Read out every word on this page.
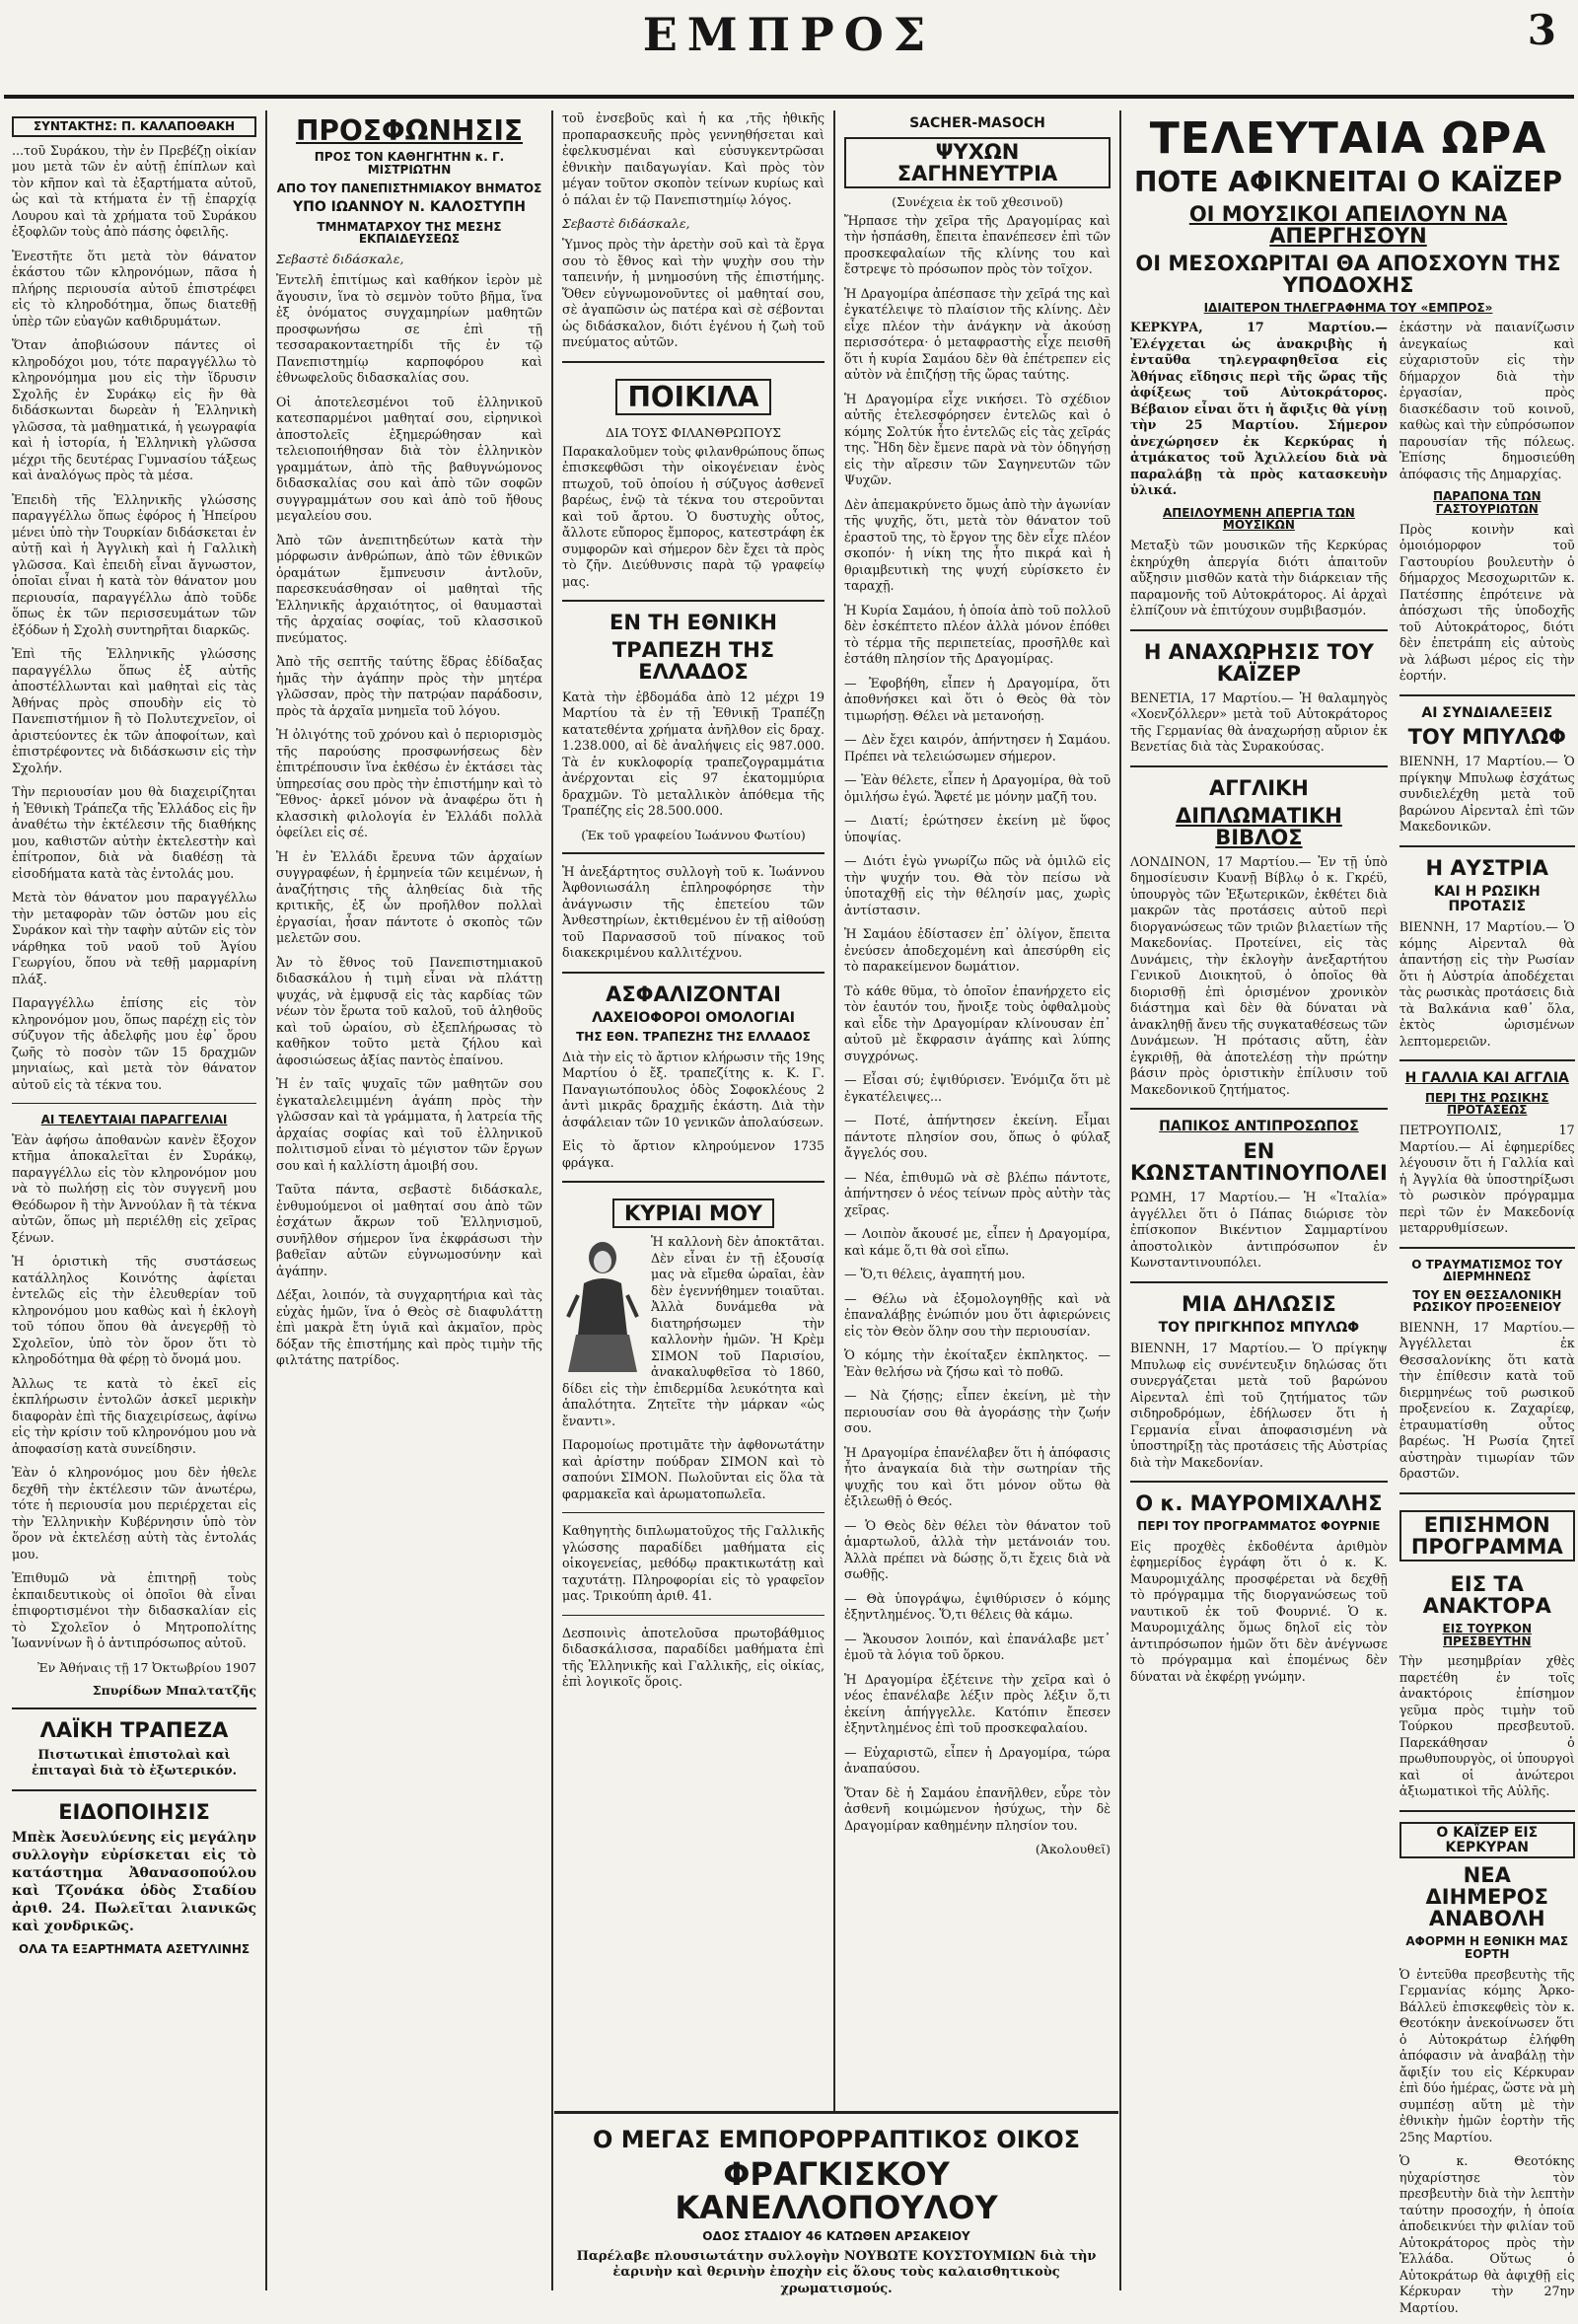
ΕΜΠΡΟΣ	3
ΣΥΝΤΑΚΤΗΣ: Π. ΚΑΛΑΠΟΘΑΚΗ

...τοῦ Συράκου, τὴν ἐν Πρεβέζῃ οἰκίαν μου μετὰ τῶν ἐν αὐτῇ ἐπίπλων καὶ τὸν κῆπον καὶ τὰ ἐξαρτήματα αὐτοῦ, ὡς καὶ τὰ κτήματα ἐν τῇ ἐπαρχίᾳ Λουρου καὶ τὰ χρήματα τοῦ Συράκου ἐξοφλῶν τοὺς ἀπὸ πάσης ὀφειλῆς.

Ἐνεστῆτε ὅτι μετὰ τὸν θάνατον ἑκάστου τῶν κληρονόμων, πᾶσα ἡ πλήρης περιουσία αὐτοῦ ἐπιστρέφει εἰς τὸ κληροδότημα, ὅπως διατεθῇ ὑπὲρ τῶν εὐαγῶν καθιδρυμάτων.

Ὅταν ἀποβιώσουν πάντες οἱ κληροδόχοι μου, τότε παραγγέλλω τὸ κληρονόμημα μου εἰς τὴν ἵδρυσιν Σχολῆς ἐν Συράκῳ εἰς ἣν θὰ διδάσκωνται δωρεὰν ἡ Ἑλληνικὴ γλῶσσα, τὰ μαθηματικά, ἡ γεωγραφία καὶ ἡ ἱστορία, ἡ Ἑλληνικὴ γλῶσσα μέχρι τῆς δευτέρας Γυμνασίου τάξεως καὶ ἀναλόγως πρὸς τὰ μέσα.

Ἐπειδὴ τῆς Ἑλληνικῆς γλώσσης παραγγέλλω ὅπως ἐφόρος ἡ Ἠπείρου μένει ὑπὸ τὴν Τουρκίαν διδάσκεται ἐν αὐτῇ καὶ ἡ Ἀγγλικὴ καὶ ἡ Γαλλικὴ γλῶσσα. Καὶ ἐπειδὴ εἶναι ἄγνωστον, ὁποῖαι εἶναι ἡ κατὰ τὸν θάνατον μου περιουσία, παραγγέλλω ἀπὸ τοῦδε ὅπως ἐκ τῶν περισσευμάτων τῶν ἐξόδων ἡ Σχολὴ συντηρῆται διαρκῶς.

Ἐπὶ τῆς Ἑλληνικῆς γλώσσης παραγγέλλω ὅπως ἐξ αὐτῆς ἀποστέλλωνται καὶ μαθηταὶ εἰς τὰς Ἀθήνας πρὸς σπουδὴν εἰς τὸ Πανεπιστήμιον ἢ τὸ Πολυτεχνεῖον, οἱ ἀριστεύοντες ἐκ τῶν ἀποφοίτων, καὶ ἐπιστρέφοντες νὰ διδάσκωσιν εἰς τὴν Σχολήν.

Τὴν περιουσίαν μου θὰ διαχειρίζηται ἡ Ἐθνικὴ Τράπεζα τῆς Ἑλλάδος εἰς ἣν ἀναθέτω τὴν ἐκτέλεσιν τῆς διαθήκης μου, καθιστῶν αὐτὴν ἐκτελεστὴν καὶ ἐπίτροπον, διὰ νὰ διαθέσῃ τὰ εἰσοδήματα κατὰ τὰς ἐντολάς μου.

Μετὰ τὸν θάνατον μου παραγγέλλω τὴν μεταφορὰν τῶν ὀστῶν μου εἰς Συράκον καὶ τὴν ταφὴν αὐτῶν εἰς τὸν νάρθηκα τοῦ ναοῦ τοῦ Ἁγίου Γεωργίου, ὅπου νὰ τεθῇ μαρμαρίνη πλάξ.

Παραγγέλλω ἐπίσης εἰς τὸν κληρονόμον μου, ὅπως παρέχῃ εἰς τὸν σύζυγον τῆς ἀδελφῆς μου ἐφ᾽ ὅρου ζωῆς τὸ ποσὸν τῶν 15 δραχμῶν μηνιαίως, καὶ μετὰ τὸν θάνατον αὐτοῦ εἰς τὰ τέκνα του.

ΑΙ ΤΕΛΕΥΤΑΙΑΙ ΠΑΡΑΓΓΕΛΙΑΙ

Ἐὰν ἀφήσω ἀποθανὼν κανὲν ἔξοχον κτῆμα ἀποκαλεῖται ἐν Συράκῳ, παραγγέλλω εἰς τὸν κληρονόμον μου νὰ τὸ πωλήσῃ εἰς τὸν συγγενῆ μου Θεόδωρον ἢ τὴν Ἀννούλαν ἢ τὰ τέκνα αὐτῶν, ὅπως μὴ περιέλθῃ εἰς χεῖρας ξένων.

Ἡ ὁριστικὴ τῆς συστάσεως κατάλληλος Κοινότης ἀφίεται ἐντελῶς εἰς τὴν ἐλευθερίαν τοῦ κληρονόμου μου καθὼς καὶ ἡ ἐκλογὴ τοῦ τόπου ὅπου θὰ ἀνεγερθῇ τὸ Σχολεῖον, ὑπὸ τὸν ὅρον ὅτι τὸ κληροδότημα θὰ φέρῃ τὸ ὄνομά μου.

Ἀλλως τε κατὰ τὸ ἐκεῖ εἰς ἐκπλήρωσιν ἐντολῶν ἀσκεῖ μερικὴν διαφορὰν ἐπὶ τῆς διαχειρίσεως, ἀφίνω εἰς τὴν κρίσιν τοῦ κληρονόμου μου νὰ ἀποφασίσῃ κατὰ συνείδησιν.

Ἐὰν ὁ κληρονόμος μου δὲν ἠθελε δεχθῆ τὴν ἐκτέλεσιν τῶν ἀνωτέρω, τότε ἡ περιουσία μου περιέρχεται εἰς τὴν Ἑλληνικὴν Κυβέρνησιν ὑπὸ τὸν ὅρον νὰ ἐκτελέσῃ αὐτὴ τὰς ἐντολάς μου.

Ἐπιθυμῶ νὰ ἐπιτηρῇ τοὺς ἐκπαιδευτικοὺς οἱ ὁποῖοι θὰ εἶναι ἐπιφορτισμένοι τὴν διδασκαλίαν εἰς τὸ Σχολεῖον ὁ Μητροπολίτης Ἰωαννίνων ἢ ὁ ἀντιπρόσωπος αὐτοῦ.

Ἐν Ἀθήναις τῇ 17 Ὀκτωβρίου 1907
Σπυρίδων Μπαλτατζῆς
ΛΑΪΚΗ ΤΡΑΠΕΖΑ

Πιστωτικαὶ ἐπιστολαὶ καὶ ἐπιταγαὶ διὰ τὸ ἐξωτερικόν.

ΕΙΔΟΠΟΙΗΣΙΣ

Μπὲκ Ἀσευλύενης εἰς μεγάλην συλλογὴν εὐρίσκεται εἰς τὸ κατάστημα Ἀθανασοπούλου καὶ Τζονάκα ὁδὸς Σταδίου ἀριθ. 24. Πωλεῖται λιανικῶς καὶ χονδρικῶς.

ΟΛΑ ΤΑ ΕΞΑΡΤΗΜΑΤΑ ΑΣΕΤΥΛΙΝΗΣ
ΠΡΟΣΦΩΝΗΣΙΣ
ΠΡΟΣ ΤΟΝ ΚΑΘΗΓΗΤΗΝ κ. Γ. ΜΙΣΤΡΙΩΤΗΝ
ΑΠΟ ΤΟΥ ΠΑΝΕΠΙΣΤΗΜΙΑΚΟΥ ΒΗΜΑΤΟΣ
ΥΠΟ ΙΩΑΝΝΟΥ Ν. ΚΑΛΟΣΤΥΠΗ
ΤΜΗΜΑΤΑΡΧΟΥ ΤΗΣ ΜΕΣΗΣ ΕΚΠΑΙΔΕΥΣΕΩΣ
Σεβαστὲ διδάσκαλε,

Ἐντελῆ ἐπιτίμως καὶ καθήκον ἱερὸν μὲ ἄγουσιν, ἵνα τὸ σεμνὸν τοῦτο βῆμα, ἵνα ἐξ ὀνόματος συγχαμηρίων μαθητῶν προσφωνήσω σε ἐπὶ τῇ τεσσαρακονταετηρίδι τῆς ἐν τῷ Πανεπιστημίῳ καρποφόρου καὶ ἐθνωφελοῦς διδασκαλίας σου.

Οἱ ἀποτελεσμένοι τοῦ ἑλληνικοῦ κατεσπαρμένοι μαθηταί σου, εἰρηνικοὶ ἀποστολεῖς ἐξημερώθησαν καὶ τελειοποιήθησαν διὰ τὸν ἑλληνικὸν γραμμάτων, ἀπὸ τῆς βαθυγνώμονος διδασκαλίας σου καὶ ἀπὸ τῶν σοφῶν συγγραμμάτων σου καὶ ἀπὸ τοῦ ἤθους μεγαλείου σου.

Ἀπὸ τῶν ἀνεπιτηδεύτων κατὰ τὴν μόρφωσιν ἀνθρώπων, ἀπὸ τῶν ἐθνικῶν ὀραμάτων ἔμπνευσιν ἀντλοῦν, παρεσκευάσθησαν οἱ μαθηταὶ τῆς Ἑλληνικῆς ἀρχαιότητος, οἱ θαυμασταὶ τῆς ἀρχαίας σοφίας, τοῦ κλασσικοῦ πνεύματος.

Ἀπὸ τῆς σεπτῆς ταύτης ἕδρας ἐδίδαξας ἡμᾶς τὴν ἀγάπην πρὸς τὴν μητέρα γλῶσσαν, πρὸς τὴν πατρῴαν παράδοσιν, πρὸς τὰ ἀρχαῖα μνημεῖα τοῦ λόγου.

Ἡ ὀλιγότης τοῦ χρόνου καὶ ὁ περιορισμὸς τῆς παρούσης προσφωνήσεως δὲν ἐπιτρέπουσιν ἵνα ἐκθέσω ἐν ἐκτάσει τὰς ὑπηρεσίας σου πρὸς τὴν ἐπιστήμην καὶ τὸ Ἔθνος· ἀρκεῖ μόνον νὰ ἀναφέρω ὅτι ἡ κλασσικὴ φιλολογία ἐν Ἑλλάδι πολλὰ ὀφείλει εἰς σέ.

Ἡ ἐν Ἑλλάδι ἔρευνα τῶν ἀρχαίων συγγραφέων, ἡ ἑρμηνεία τῶν κειμένων, ἡ ἀναζήτησις τῆς ἀληθείας διὰ τῆς κριτικῆς, ἐξ ὧν προῆλθον πολλαὶ ἐργασίαι, ἦσαν πάντοτε ὁ σκοπὸς τῶν μελετῶν σου.

Ἀν τὸ ἔθνος τοῦ Πανεπιστημιακοῦ διδασκάλου ἡ τιμὴ εἶναι νὰ πλάττῃ ψυχάς, νὰ ἐμφυσᾷ εἰς τὰς καρδίας τῶν νέων τὸν ἔρωτα τοῦ καλοῦ, τοῦ ἀληθοῦς καὶ τοῦ ὡραίου, σὺ ἐξεπλήρωσας τὸ καθῆκον τοῦτο μετὰ ζήλου καὶ ἀφοσιώσεως ἀξίας παντὸς ἐπαίνου.

Ἡ ἐν ταῖς ψυχαῖς τῶν μαθητῶν σου ἐγκαταλελειμμένη ἀγάπη πρὸς τὴν γλῶσσαν καὶ τὰ γράμματα, ἡ λατρεία τῆς ἀρχαίας σοφίας καὶ τοῦ ἑλληνικοῦ πολιτισμοῦ εἶναι τὸ μέγιστον τῶν ἔργων σου καὶ ἡ καλλίστη ἀμοιβή σου.

Ταῦτα πάντα, σεβαστὲ διδάσκαλε, ἐνθυμούμενοι οἱ μαθηταί σου ἀπὸ τῶν ἐσχάτων ἄκρων τοῦ Ἑλληνισμοῦ, συνῆλθον σήμερον ἵνα ἐκφράσωσι τὴν βαθεῖαν αὐτῶν εὐγνωμοσύνην καὶ ἀγάπην.

Δέξαι, λοιπόν, τὰ συγχαρητήρια καὶ τὰς εὐχὰς ἡμῶν, ἵνα ὁ Θεὸς σὲ διαφυλάττῃ ἐπὶ μακρὰ ἔτη ὑγιᾶ καὶ ἀκμαῖον, πρὸς δόξαν τῆς ἐπιστήμης καὶ πρὸς τιμὴν τῆς φιλτάτης πατρίδος.

τοῦ ἐνσεβοῦς καὶ ἡ κα ,τῆς ἠθικῆς προπαρασκευῆς πρὸς γεννηθήσεται καὶ ἐφελκυσμέναι καὶ εὐσυγκεντρῶσαι ἐθνικὴν παιδαγωγίαν. Καὶ πρὸς τὸν μέγαν τοῦτον σκοπὸν τείνων κυρίως καὶ ὁ πάλαι ἐν τῷ Πανεπιστημίῳ λόγος.

Σεβαστὲ διδάσκαλε,

Ὑμνος πρὸς τὴν ἀρετὴν σοῦ καὶ τὰ ἔργα σου τὸ ἔθνος καὶ τὴν ψυχὴν σου τὴν ταπεινήν, ἡ μνημοσύνη τῆς ἐπιστήμης. Ὅθεν εὐγνωμονοῦντες οἱ μαθηταί σου, σὲ ἀγαπῶσιν ὡς πατέρα καὶ σὲ σέβονται ὡς διδάσκαλον, διότι ἐγένου ἡ ζωὴ τοῦ πνεύματος αὐτῶν.

ΠΟΙΚΙΛΑ
ΔΙΑ ΤΟΥΣ ΦΙΛΑΝΘΡΩΠΟΥΣ

Παρακαλοῦμεν τοὺς φιλανθρώπους ὅπως ἐπισκεφθῶσι τὴν οἰκογένειαν ἑνὸς πτωχοῦ, τοῦ ὁποίου ἡ σύζυγος ἀσθενεῖ βαρέως, ἐνῷ τὰ τέκνα του στεροῦνται καὶ τοῦ ἄρτου. Ὁ δυστυχὴς οὗτος, ἄλλοτε εὔπορος ἔμπορος, κατεστράφη ἐκ συμφορῶν καὶ σήμερον δὲν ἔχει τὰ πρὸς τὸ ζῆν. Διεύθυνσις παρὰ τῷ γραφείῳ μας.

ΕΝ ΤΗ ΕΘΝΙΚΗ
ΤΡΑΠΕΖΗ ΤΗΣ ΕΛΛΑΔΟΣ

Κατὰ τὴν ἑβδομάδα ἀπὸ 12 μέχρι 19 Μαρτίου τὰ ἐν τῇ Ἐθνικῇ Τραπέζῃ κατατεθέντα χρήματα ἀνῆλθον εἰς δραχ. 1.238.000, αἱ δὲ ἀναλήψεις εἰς 987.000. Τὰ ἐν κυκλοφορίᾳ τραπεζογραμμάτια ἀνέρχονται εἰς 97 ἑκατομμύρια δραχμῶν. Τὸ μεταλλικὸν ἀπόθεμα τῆς Τραπέζης εἰς 28.500.000.

(Ἐκ τοῦ γραφείου Ἰωάννου Φωτίου)

Ἡ ἀνεξάρτητος συλλογὴ τοῦ κ. Ἰωάννου Ἀφθονιωσάλη ἐπληροφόρησε τὴν ἀνάγνωσιν τῆς ἐπετείου τῶν Ἀνθεστηρίων, ἐκτιθεμένου ἐν τῇ αἰθούσῃ τοῦ Παρνασσοῦ τοῦ πίνακος τοῦ διακεκριμένου καλλιτέχνου.

ΑΣΦΑΛΙΖΟΝΤΑΙ
ΛΑΧΕΙΟΦΟΡΟΙ ΟΜΟΛΟΓΙΑΙ
ΤΗΣ ΕΘΝ. ΤΡΑΠΕΖΗΣ ΤΗΣ ΕΛΛΑΔΟΣ

Διὰ τὴν εἰς τὸ ἄρτιον κλήρωσιν τῆς 19ης Μαρτίου ὁ ἔξ. τραπεζίτης κ. Κ. Γ. Παναγιωτόπουλος ὁδὸς Σοφοκλέους 2 ἀντὶ μικρᾶς δραχμῆς ἑκάστη. Διὰ τὴν ἀσφάλειαν τῶν 10 γενικῶν ἀπολαύσεων.

Εἰς τὸ ἄρτιον κληρούμενον 1735 φράγκα.

ΚΥΡΙΑΙ ΜΟΥ

Ἡ καλλονὴ δὲν ἀποκτᾶται. Δὲν εἶναι ἐν τῇ ἐξουσίᾳ μας νὰ εἴμεθα ὡραῖαι, ἐὰν δὲν ἐγεννήθημεν τοιαῦται. Ἀλλὰ δυνάμεθα νὰ διατηρήσωμεν τὴν καλλονὴν ἡμῶν. Ἡ Κρὲμ ΣΙΜΟΝ τοῦ Παρισίου, ἀνακαλυφθεῖσα τὸ 1860, δίδει εἰς τὴν ἐπιδερμίδα λευκότητα καὶ ἁπαλότητα. Ζητεῖτε τὴν μάρκαν «ὡς ἔναντι».

Παρομοίως προτιμᾶτε τὴν ἀφθονωτάτην καὶ ἀρίστην πούδραν ΣΙΜΟΝ καὶ τὸ σαπούνι ΣΙΜΟΝ. Πωλοῦνται εἰς ὅλα τὰ φαρμακεῖα καὶ ἀρωματοπωλεῖα.

Καθηγητὴς διπλωματοῦχος τῆς Γαλλικῆς γλώσσης παραδίδει μαθήματα εἰς οἰκογενείας, μεθόδῳ πρακτικωτάτῃ καὶ ταχυτάτῃ. Πληροφορίαι εἰς τὸ γραφεῖον μας. Τρικούπη ἀριθ. 41.

Δεσποινὶς ἀποτελοῦσα πρωτοβάθμιος διδασκάλισσα, παραδίδει μαθήματα ἐπὶ τῆς Ἑλληνικῆς καὶ Γαλλικῆς, εἰς οἰκίας, ἐπὶ λογικοῖς ὅροις.

SACHER-MASOCH
ΨΥΧΩΝ ΣΑΓΗΝΕΥΤΡΙΑ
(Συνέχεια ἐκ τοῦ χθεσινοῦ)

Ἤρπασε τὴν χεῖρα τῆς Δραγομίρας καὶ τὴν ἠσπάσθη, ἔπειτα ἐπανέπεσεν ἐπὶ τῶν προσκεφαλαίων τῆς κλίνης του καὶ ἔστρεψε τὸ πρόσωπον πρὸς τὸν τοῖχον.

Ἡ Δραγομίρα ἀπέσπασε τὴν χεῖρά της καὶ ἐγκατέλειψε τὸ πλαίσιον τῆς κλίνης. Δὲν εἶχε πλέον τὴν ἀνάγκην νὰ ἀκούσῃ περισσότερα· ὁ μεταφραστὴς εἶχε πεισθῆ ὅτι ἡ κυρία Σαμάου δὲν θὰ ἐπέτρεπεν εἰς αὐτὸν νὰ ἐπιζήσῃ τῆς ὥρας ταύτης.

Ἡ Δραγομίρα εἶχε νικήσει. Τὸ σχέδιον αὐτῆς ἐτελεσφόρησεν ἐντελῶς καὶ ὁ κόμης Σολτύκ ἦτο ἐντελῶς εἰς τὰς χεῖράς της. Ἤδη δὲν ἔμενε παρὰ νὰ τὸν ὁδηγήσῃ εἰς τὴν αἴρεσιν τῶν Σαγηνευτῶν τῶν Ψυχῶν.

Δὲν ἀπεμακρύνετο ὅμως ἀπὸ τὴν ἀγωνίαν τῆς ψυχῆς, ὅτι, μετὰ τὸν θάνατον τοῦ ἐραστοῦ της, τὸ ἔργον της δὲν εἶχε πλέον σκοπόν· ἡ νίκη της ἦτο πικρά καὶ ἡ θριαμβευτικὴ της ψυχή εὑρίσκετο ἐν ταραχῇ.

Ἡ Κυρία Σαμάου, ἡ ὁποία ἀπὸ τοῦ πολλοῦ δὲν ἐσκέπτετο πλέον ἀλλὰ μόνον ἐπόθει τὸ τέρμα τῆς περιπετείας, προσῆλθε καὶ ἐστάθη πλησίον τῆς Δραγομίρας.

— Ἐφοβήθη, εἶπεν ἡ Δραγομίρα, ὅτι ἀποθνήσκει καὶ ὅτι ὁ Θεὸς θὰ τὸν τιμωρήσῃ. Θέλει νὰ μετανοήσῃ.

— Δὲν ἔχει καιρόν, ἀπήντησεν ἡ Σαμάου. Πρέπει νὰ τελειώσωμεν σήμερον.

— Ἐὰν θέλετε, εἶπεν ἡ Δραγομίρα, θὰ τοῦ ὁμιλήσω ἐγώ. Ἄφετέ με μόνην μαζῆ του.

— Διατί; ἐρώτησεν ἐκείνη μὲ ὕφος ὑποψίας.

— Διότι ἐγὼ γνωρίζω πῶς νὰ ὁμιλῶ εἰς τὴν ψυχήν του. Θὰ τὸν πείσω νὰ ὑποταχθῇ εἰς τὴν θέλησίν μας, χωρὶς ἀντίστασιν.

Ἡ Σαμάου ἐδίστασεν ἐπ᾽ ὀλίγον, ἔπειτα ἐνεύσεν ἀποδεχομένη καὶ ἀπεσύρθη εἰς τὸ παρακείμενον δωμάτιον.

Τὸ κάθε θῦμα, τὸ ὁποῖον ἐπανήρχετο εἰς τὸν ἑαυτόν του, ἤνοιξε τοὺς ὀφθαλμοὺς καὶ εἶδε τὴν Δραγομίραν κλίνουσαν ἐπ᾽ αὐτοῦ μὲ ἔκφρασιν ἀγάπης καὶ λύπης συγχρόνως.

— Εἶσαι σύ; ἐψιθύρισεν. Ἐνόμιζα ὅτι μὲ ἐγκατέλειψες...

— Ποτέ, ἀπήντησεν ἐκείνη. Εἶμαι πάντοτε πλησίον σου, ὅπως ὁ φύλαξ ἄγγελός σου.

— Νέα, ἐπιθυμῶ νὰ σὲ βλέπω πάντοτε, ἀπήντησεν ὁ νέος τείνων πρὸς αὐτὴν τὰς χεῖρας.

— Λοιπὸν ἄκουσέ με, εἶπεν ἡ Δραγομίρα, καὶ κάμε ὅ,τι θὰ σοὶ εἴπω.

— Ὅ,τι θέλεις, ἀγαπητή μου.

— Θέλω νὰ ἐξομολογηθῇς καὶ νὰ ἐπαναλάβῃς ἐνώπιόν μου ὅτι ἀφιερώνεις εἰς τὸν Θεὸν ὅλην σου τὴν περιουσίαν.

Ὁ κόμης τὴν ἐκοίταξεν ἐκπληκτος. — Ἐὰν θελήσω νὰ ζήσω καὶ τὸ ποθῶ.

— Νὰ ζήσῃς; εἶπεν ἐκείνη, μὲ τὴν περιουσίαν σου θὰ ἀγοράσῃς τὴν ζωήν σου.

Ἡ Δραγομίρα ἐπανέλαβεν ὅτι ἡ ἀπόφασις ἦτο ἀναγκαία διὰ τὴν σωτηρίαν τῆς ψυχῆς του καὶ ὅτι μόνον οὕτω θὰ ἐξιλεωθῇ ὁ Θεός.

— Ὁ Θεὸς δὲν θέλει τὸν θάνατον τοῦ ἁμαρτωλοῦ, ἀλλὰ τὴν μετάνοιάν του. Ἀλλὰ πρέπει νὰ δώσῃς ὅ,τι ἔχεις διὰ νὰ σωθῇς.

— Θὰ ὑπογράψω, ἐψιθύρισεν ὁ κόμης ἐξηντλημένος. Ὅ,τι θέλεις θὰ κάμω.

— Ἄκουσον λοιπόν, καὶ ἐπανάλαβε μετ᾽ ἐμοῦ τὰ λόγια τοῦ ὅρκου.

Ἡ Δραγομίρα ἐξέτεινε τὴν χεῖρα καὶ ὁ νέος ἐπανέλαβε λέξιν πρὸς λέξιν ὅ,τι ἐκείνη ἀπήγγελλε. Κατόπιν ἔπεσεν ἐξηντλημένος ἐπὶ τοῦ προσκεφαλαίου.

— Εὐχαριστῶ, εἶπεν ἡ Δραγομίρα, τώρα ἀναπαύσου.

Ὅταν δὲ ἡ Σαμάου ἐπανῆλθεν, εὗρε τὸν ἀσθενῆ κοιμώμενον ἡσύχως, τὴν δὲ Δραγομίραν καθημένην πλησίον του.

(Ἀκολουθεῖ)
ΤΕΛΕΥΤΑΙΑ ΩΡΑ
ΠΟΤΕ ΑΦΙΚΝΕΙΤΑΙ Ο ΚΑΪΖΕΡ
ΟΙ ΜΟΥΣΙΚΟΙ ΑΠΕΙΛΟΥΝ ΝΑ ΑΠΕΡΓΗΣΟΥΝ
ΟΙ ΜΕΣΟΧΩΡΙΤΑΙ ΘΑ ΑΠΟΣΧΟΥΝ ΤΗΣ ΥΠΟΔΟΧΗΣ
ΙΔΙΑΙΤΕΡΟΝ ΤΗΛΕΓΡΑΦΗΜΑ ΤΟΥ «ΕΜΠΡΟΣ»

ΚΕΡΚΥΡΑ, 17 Μαρτίου.— Ἐλέγχεται ὡς ἀνακριβὴς ἡ ἐνταῦθα τηλεγραφηθεῖσα εἰς Ἀθήνας εἴδησις περὶ τῆς ὥρας τῆς ἀφίξεως τοῦ Αὐτοκράτορος. Βέβαιον εἶναι ὅτι ἡ ἄφιξις θὰ γίνῃ τὴν 25 Μαρτίου. Σήμερον ἀνεχώρησεν ἐκ Κερκύρας ἡ ἀτμάκατος τοῦ Ἀχιλλείου διὰ νὰ παραλάβῃ τὰ πρὸς κατασκευὴν ὑλικά.

ΑΠΕΙΛΟΥΜΕΝΗ ΑΠΕΡΓΙΑ ΤΩΝ ΜΟΥΣΙΚΩΝ

Μεταξὺ τῶν μουσικῶν τῆς Κερκύρας ἐκηρύχθη ἀπεργία διότι ἀπαιτοῦν αὔξησιν μισθῶν κατὰ τὴν διάρκειαν τῆς παραμονῆς τοῦ Αὐτοκράτορος. Αἱ ἀρχαὶ ἐλπίζουν νὰ ἐπιτύχουν συμβιβασμόν.

Η ΑΝΑΧΩΡΗΣΙΣ ΤΟΥ ΚΑΪΖΕΡ

ΒΕΝΕΤΙΑ, 17 Μαρτίου.— Ἡ θαλαμηγὸς «Χοενζόλλερν» μετὰ τοῦ Αὐτοκράτορος τῆς Γερμανίας θὰ ἀναχωρήσῃ αὔριον ἐκ Βενετίας διὰ τὰς Συρακούσας.

ΑΓΓΛΙΚΗ
ΔΙΠΛΩΜΑΤΙΚΗ ΒΙΒΛΟΣ

ΛΟΝΔΙΝΟΝ, 17 Μαρτίου.— Ἐν τῇ ὑπὸ δημοσίευσιν Κυανῇ Βίβλῳ ὁ κ. Γκρέϋ, ὑπουργὸς τῶν Ἐξωτερικῶν, ἐκθέτει διὰ μακρῶν τὰς προτάσεις αὐτοῦ περὶ διοργανώσεως τῶν τριῶν βιλαετίων τῆς Μακεδονίας. Προτείνει, εἰς τὰς Δυνάμεις, τὴν ἐκλογὴν ἀνεξαρτήτου Γενικοῦ Διοικητοῦ, ὁ ὁποῖος θὰ διορισθῇ ἐπὶ ὁρισμένον χρονικὸν διάστημα καὶ δὲν θὰ δύναται νὰ ἀνακληθῇ ἄνευ τῆς συγκαταθέσεως τῶν Δυνάμεων. Ἡ πρότασις αὕτη, ἐὰν ἐγκριθῇ, θὰ ἀποτελέσῃ τὴν πρώτην βάσιν πρὸς ὁριστικὴν ἐπίλυσιν τοῦ Μακεδονικοῦ ζητήματος.

ΠΑΠΙΚΟΣ ΑΝΤΙΠΡΟΣΩΠΟΣ
ΕΝ ΚΩΝΣΤΑΝΤΙΝΟΥΠΟΛΕΙ

ΡΩΜΗ, 17 Μαρτίου.— Ἡ «Ἰταλία» ἀγγέλλει ὅτι ὁ Πάπας διώρισε τὸν ἐπίσκοπον Βικέντιον Σαμμαρτίνου ἀποστολικὸν ἀντιπρόσωπον ἐν Κωνσταντινουπόλει.

ΜΙΑ ΔΗΛΩΣΙΣ
ΤΟΥ ΠΡΙΓΚΗΠΟΣ ΜΠΥΛΩΦ

ΒΙΕΝΝΗ, 17 Μαρτίου.— Ὁ πρίγκηψ Μπυλωφ εἰς συνέντευξιν δηλώσας ὅτι συνεργάζεται μετὰ τοῦ βαρώνου Αἰρενταλ ἐπὶ τοῦ ζητήματος τῶν σιδηροδρόμων, ἐδήλωσεν ὅτι ἡ Γερμανία εἶναι ἀποφασισμένη νὰ ὑποστηρίξῃ τὰς προτάσεις τῆς Αὐστρίας διὰ τὴν Μακεδονίαν.

Ο κ. ΜΑΥΡΟΜΙΧΑΛΗΣ
ΠΕΡΙ ΤΟΥ ΠΡΟΓΡΑΜΜΑΤΟΣ ΦΟΥΡΝΙΕ

Εἰς προχθὲς ἐκδοθέντα ἀριθμὸν ἐφημερίδος ἐγράφη ὅτι ὁ κ. Κ. Μαυρομιχάλης προσφέρεται νὰ δεχθῇ τὸ πρόγραμμα τῆς διοργανώσεως τοῦ ναυτικοῦ ἐκ τοῦ Φουρνιέ. Ὁ κ. Μαυρομιχάλης ὅμως δηλοῖ εἰς τὸν ἀντιπρόσωπον ἡμῶν ὅτι δὲν ἀνέγνωσε τὸ πρόγραμμα καὶ ἑπομένως δὲν δύναται νὰ ἐκφέρῃ γνώμην.

ἑκάστην νὰ παιανίζωσιν ἀνεγκαίως καὶ εὐχαριστοῦν εἰς τὴν δήμαρχον διὰ τὴν ἐργασίαν, πρὸς διασκέδασιν τοῦ κοινοῦ, καθὼς καὶ τὴν εὐπρόσωπον παρουσίαν τῆς πόλεως. Ἐπίσης δημοσιεύθη ἀπόφασις τῆς Δημαρχίας.

ΠΑΡΑΠΟΝΑ ΤΩΝ ΓΑΣΤΟΥΡΙΩΤΩΝ

Πρὸς κοινὴν καὶ ὁμοιόμορφον τοῦ Γαστουρίου βουλευτὴν ὁ δήμαρχος Μεσοχωριτῶν κ. Πατέσπης ἐπρότεινε νὰ ἀπόσχωσι τῆς ὑποδοχῆς τοῦ Αὐτοκράτορος, διότι δὲν ἐπετράπη εἰς αὐτοὺς νὰ λάβωσι μέρος εἰς τὴν ἑορτήν.

ΑΙ ΣΥΝΔΙΑΛΕΞΕΙΣ
ΤΟΥ ΜΠΥΛΩΦ

ΒΙΕΝΝΗ, 17 Μαρτίου.— Ὁ πρίγκηψ Μπυλωφ ἐσχάτως συνδιελέχθη μετὰ τοῦ βαρώνου Αἰρενταλ ἐπὶ τῶν Μακεδονικῶν.

Η ΑΥΣΤΡΙΑ
ΚΑΙ Η ΡΩΣΙΚΗ ΠΡΟΤΑΣΙΣ

ΒΙΕΝΝΗ, 17 Μαρτίου.— Ὁ κόμης Αἰρενταλ θὰ ἀπαντήσῃ εἰς τὴν Ρωσίαν ὅτι ἡ Αὐστρία ἀποδέχεται τὰς ρωσικὰς προτάσεις διὰ τὰ Βαλκάνια καθ᾽ ὅλα, ἐκτὸς ὡρισμένων λεπτομερειῶν.

Η ΓΑΛΛΙΑ ΚΑΙ ΑΓΓΛΙΑ
ΠΕΡΙ ΤΗΣ ΡΩΣΙΚΗΣ ΠΡΟΤΑΣΕΩΣ

ΠΕΤΡΟΥΠΟΛΙΣ, 17 Μαρτίου.— Αἱ ἐφημερίδες λέγουσιν ὅτι ἡ Γαλλία καὶ ἡ Ἀγγλία θὰ ὑποστηρίξωσι τὸ ρωσικὸν πρόγραμμα περὶ τῶν ἐν Μακεδονίᾳ μεταρρυθμίσεων.

Ο ΤΡΑΥΜΑΤΙΣΜΟΣ ΤΟΥ ΔΙΕΡΜΗΝΕΩΣ
ΤΟΥ ΕΝ ΘΕΣΣΑΛΟΝΙΚΗ ΡΩΣΙΚΟΥ ΠΡΟΞΕΝΕΙΟΥ

ΒΙΕΝΝΗ, 17 Μαρτίου.— Ἀγγέλλεται ἐκ Θεσσαλονίκης ὅτι κατὰ τὴν ἐπίθεσιν κατὰ τοῦ διερμηνέως τοῦ ρωσικοῦ προξενείου κ. Ζαχαρίεφ, ἐτραυματίσθη οὗτος βαρέως. Ἡ Ρωσία ζητεῖ αὐστηρὰν τιμωρίαν τῶν δραστῶν.

ΕΠΙΣΗΜΟΝ ΠΡΟΓΡΑΜΜΑ
ΕΙΣ ΤΑ ΑΝΑΚΤΟΡΑ
ΕΙΣ ΤΟΥΡΚΟΝ ΠΡΕΣΒΕΥΤΗΝ

Τὴν μεσημβρίαν χθὲς παρετέθη ἐν τοῖς ἀνακτόροις ἐπίσημον γεῦμα πρὸς τιμὴν τοῦ Τούρκου πρεσβευτοῦ. Παρεκάθησαν ὁ πρωθυπουργὸς, οἱ ὑπουργοὶ καὶ οἱ ἀνώτεροι ἀξιωματικοὶ τῆς Αὐλῆς.

Ο ΚΑΪΖΕΡ ΕΙΣ ΚΕΡΚΥΡΑΝ
ΝΕΑ ΔΙΗΜΕΡΟΣ ΑΝΑΒΟΛΗ
ΑΦΟΡΜΗ Η ΕΘΝΙΚΗ ΜΑΣ ΕΟΡΤΗ

Ὁ ἐντεῦθα πρεσβευτὴς τῆς Γερμανίας κόμης Ἀρκο-Βάλλεϋ ἐπισκεφθεὶς τὸν κ. Θεοτόκην ἀνεκοίνωσεν ὅτι ὁ Αὐτοκράτωρ ἐλήφθη ἀπόφασιν νὰ ἀναβάλῃ τὴν ἄφιξίν του εἰς Κέρκυραν ἐπὶ δύο ἡμέρας, ὥστε νὰ μὴ συμπέσῃ αὕτη μὲ τὴν ἐθνικὴν ἡμῶν ἑορτὴν τῆς 25ης Μαρτίου.

Ὁ κ. Θεοτόκης ηὐχαρίστησε τὸν πρεσβευτὴν διὰ τὴν λεπτὴν ταύτην προσοχήν, ἡ ὁποία ἀποδεικνύει τὴν φιλίαν τοῦ Αὐτοκράτορος πρὸς τὴν Ἑλλάδα. Οὕτως ὁ Αὐτοκράτωρ θὰ ἀφιχθῇ εἰς Κέρκυραν τὴν 27ην Μαρτίου.

Ο ΜΕΓΑΣ ΕΜΠΟΡΟΡΡΑΠΤΙΚΟΣ ΟΙΚΟΣ
ΦΡΑΓΚΙΣΚΟΥ ΚΑΝΕΛΛΟΠΟΥΛΟΥ
ΟΔΟΣ ΣΤΑΔΙΟΥ 46 ΚΑΤΩΘΕΝ ΑΡΣΑΚΕΙΟΥ

Παρέλαβε πλουσιωτάτην συλλογὴν ΝΟΥΒΩΤΕ ΚΟΥΣΤΟΥΜΙΩΝ διὰ τὴν ἐαρινὴν καὶ θερινὴν ἐποχὴν εἰς ὅλους τοὺς καλαισθητικοὺς χρωματισμούς.
